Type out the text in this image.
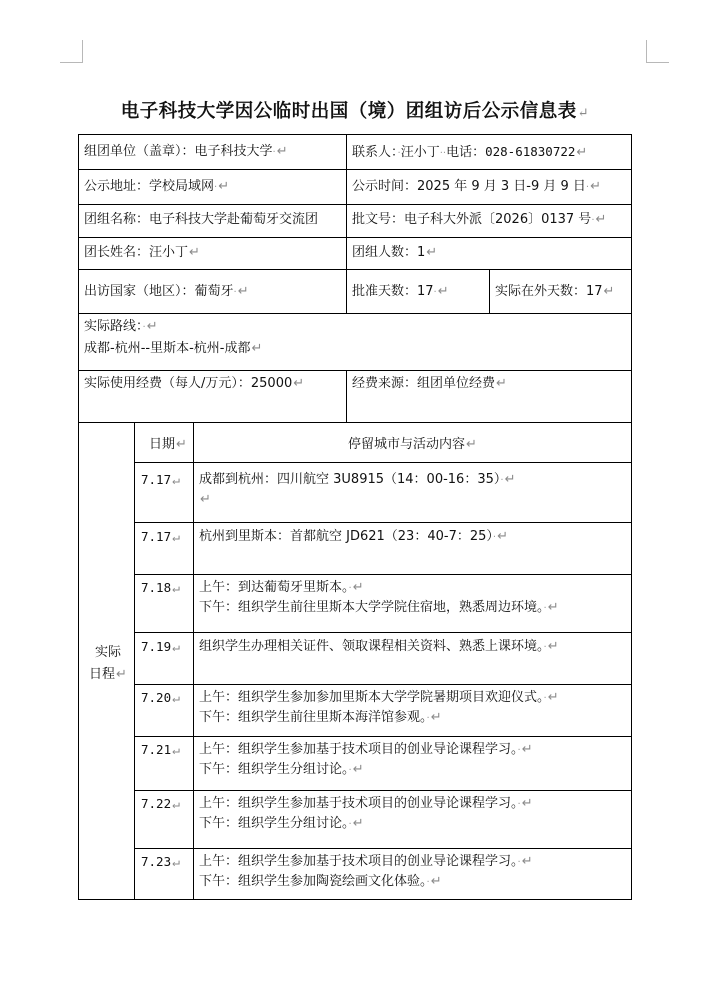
电子科技大学因公临时出国（境）团组访后公示信息表↵
组团单位（盖章）：电子科技大学·↵	联系人：·汪小丁··电话：028-61830722↵
公示地址：学校局域网·↵	公示时间：2025 年 9 月 3 日-9 月 9 日·↵
团组名称：电子科技大学赴葡萄牙交流团	批文号：电子科大外派〔2026〕0137 号·↵
团长姓名：汪小丁↵	团组人数：1↵
出访国家（地区）：葡萄牙·↵	批准天数：17·↵	实际在外天数：17↵
实际路线：·↵
成都-杭州--里斯本-杭州-成都↵
实际使用经费（每人/万元）：25000↵	经费来源：组团单位经费↵
实际
日程↵
日期↵	停留城市与活动内容↵
7.17↵ 成都到杭州：四川航空 3U8915（14：00-16：35）·↵
↵
7.17↵ 杭州到里斯本：首都航空 JD621（23：40-7：25）·↵
7.18↵ 上午：到达葡萄牙里斯本。·↵
下午：组织学生前往里斯本大学学院住宿地，熟悉周边环境。·↵
7.19↵ 组织学生办理相关证件、领取课程相关资料、熟悉上课环境。·↵
7.20↵ 上午：组织学生参加参加里斯本大学学院暑期项目欢迎仪式。·↵
下午：组织学生前往里斯本海洋馆参观。·↵
7.21↵ 上午：组织学生参加基于技术项目的创业导论课程学习。·↵
下午：组织学生分组讨论。·↵
7.22↵ 上午：组织学生参加基于技术项目的创业导论课程学习。·↵
下午：组织学生分组讨论。·↵
7.23↵ 上午：组织学生参加基于技术项目的创业导论课程学习。·↵
下午：组织学生参加陶瓷绘画文化体验。·↵
